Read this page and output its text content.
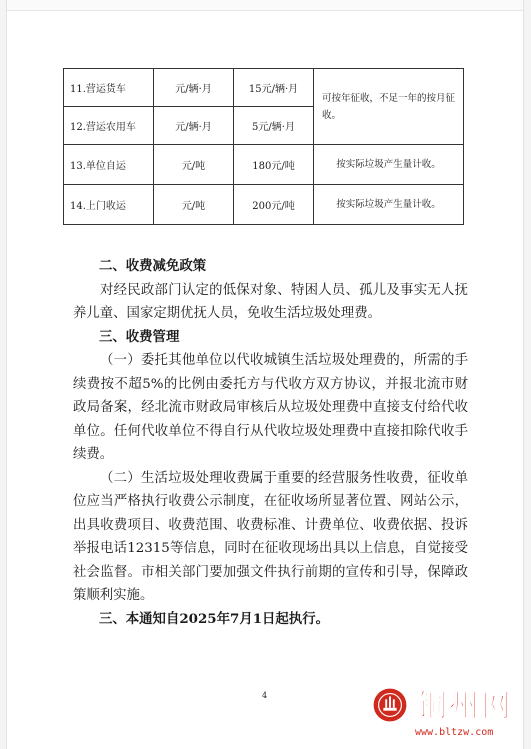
11.营运货车	元/辆·月	15元/辆·月	可按年征收，不足一年的按月征收。
12.营运农用车	元/辆·月	5元/辆·月	
13.单位自运	元/吨	180元/吨	按实际垃圾产生量计收。
14.上门收运	元/吨	200元/吨	按实际垃圾产生量计收。

二、收费减免政策

对经民政部门认定的低保对象、特困人员、孤儿及事实无人抚养儿童、国家定期优抚人员，免收生活垃圾处理费。

三、收费管理

（一）委托其他单位以代收城镇生活垃圾处理费的，所需的手续费按不超5%的比例由委托方与代收方双方协议，并报北流市财政局备案，经北流市财政局审核后从垃圾处理费中直接支付给代收单位。任何代收单位不得自行从代收垃圾处理费中直接扣除代收手续费。

（二）生活垃圾处理收费属于重要的经营服务性收费，征收单位应当严格执行收费公示制度，在征收场所显著位置、网站公示，出具收费项目、收费范围、收费标准、计费单位、收费依据、投诉举报电话12315等信息，同时在征收现场出具以上信息，自觉接受社会监督。市相关部门要加强文件执行前期的宣传和引导，保障政策顺利实施。

三、本通知自2025年7月1日起执行。

4	铜州网
www.bltzw.com
